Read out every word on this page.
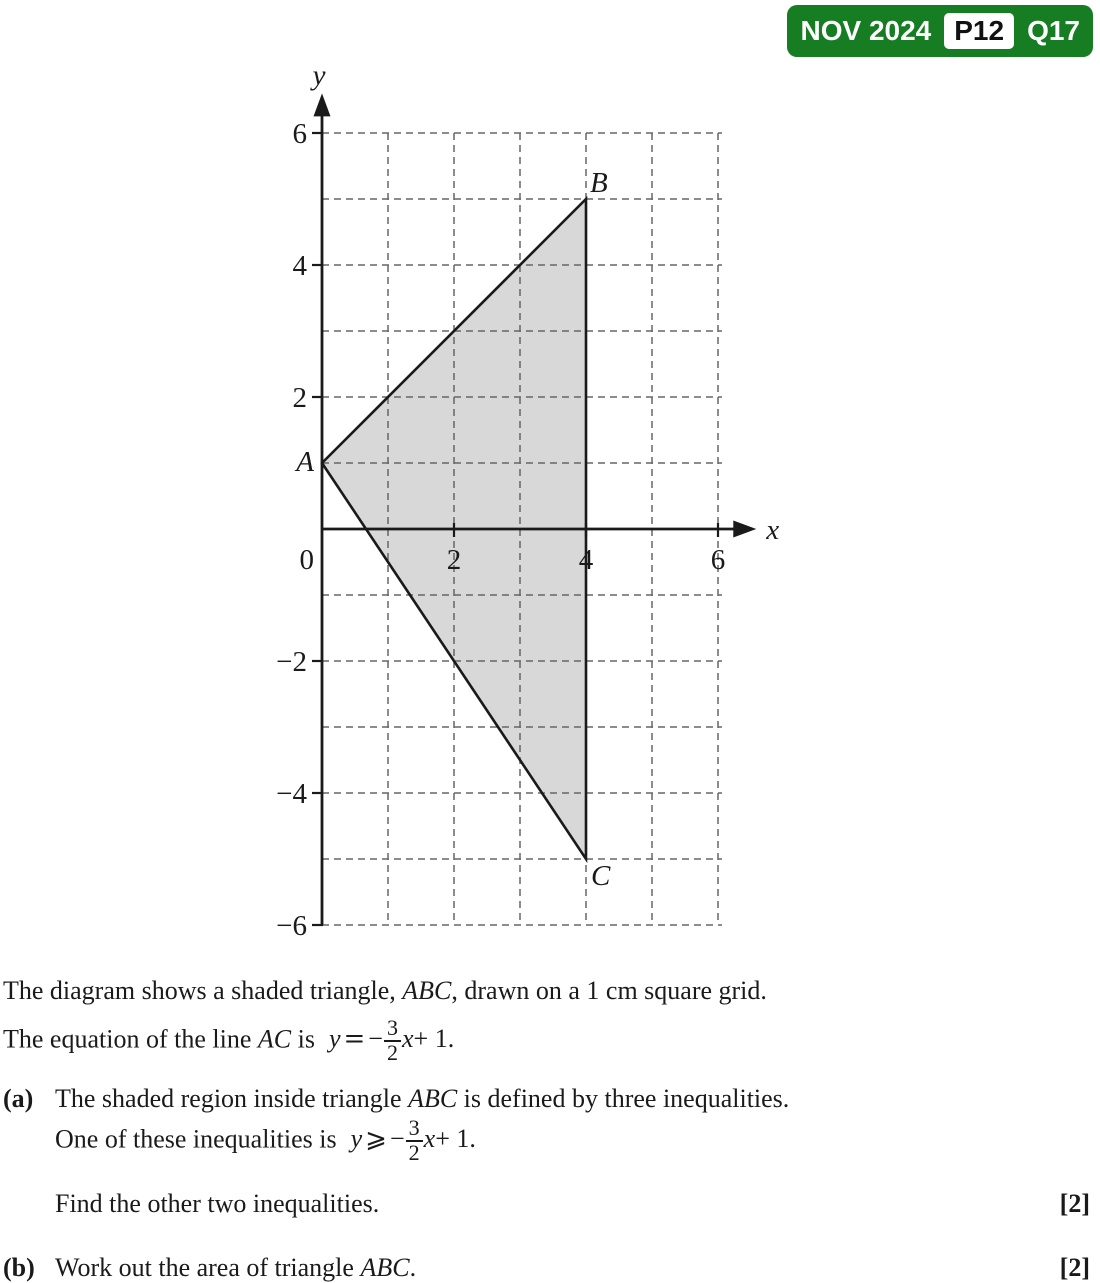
NOV 2024 P12 Q17
2	4	6
6
4
2
−2
−4
−6
0
y
x
A
B
C
The diagram shows a shaded triangle, ABC, drawn on a 1 cm square grid.
The equation of the line AC is y = − $\frac{3}{2} x+ 1$.
(a) The shaded region inside triangle ABC is defined by three inequalities.
One of these inequalities is y ⩾ − $\frac{3}{2} x+ 1$.
Find the other two inequalities.	[2]
(b) Work out the area of triangle ABC.	[2]
